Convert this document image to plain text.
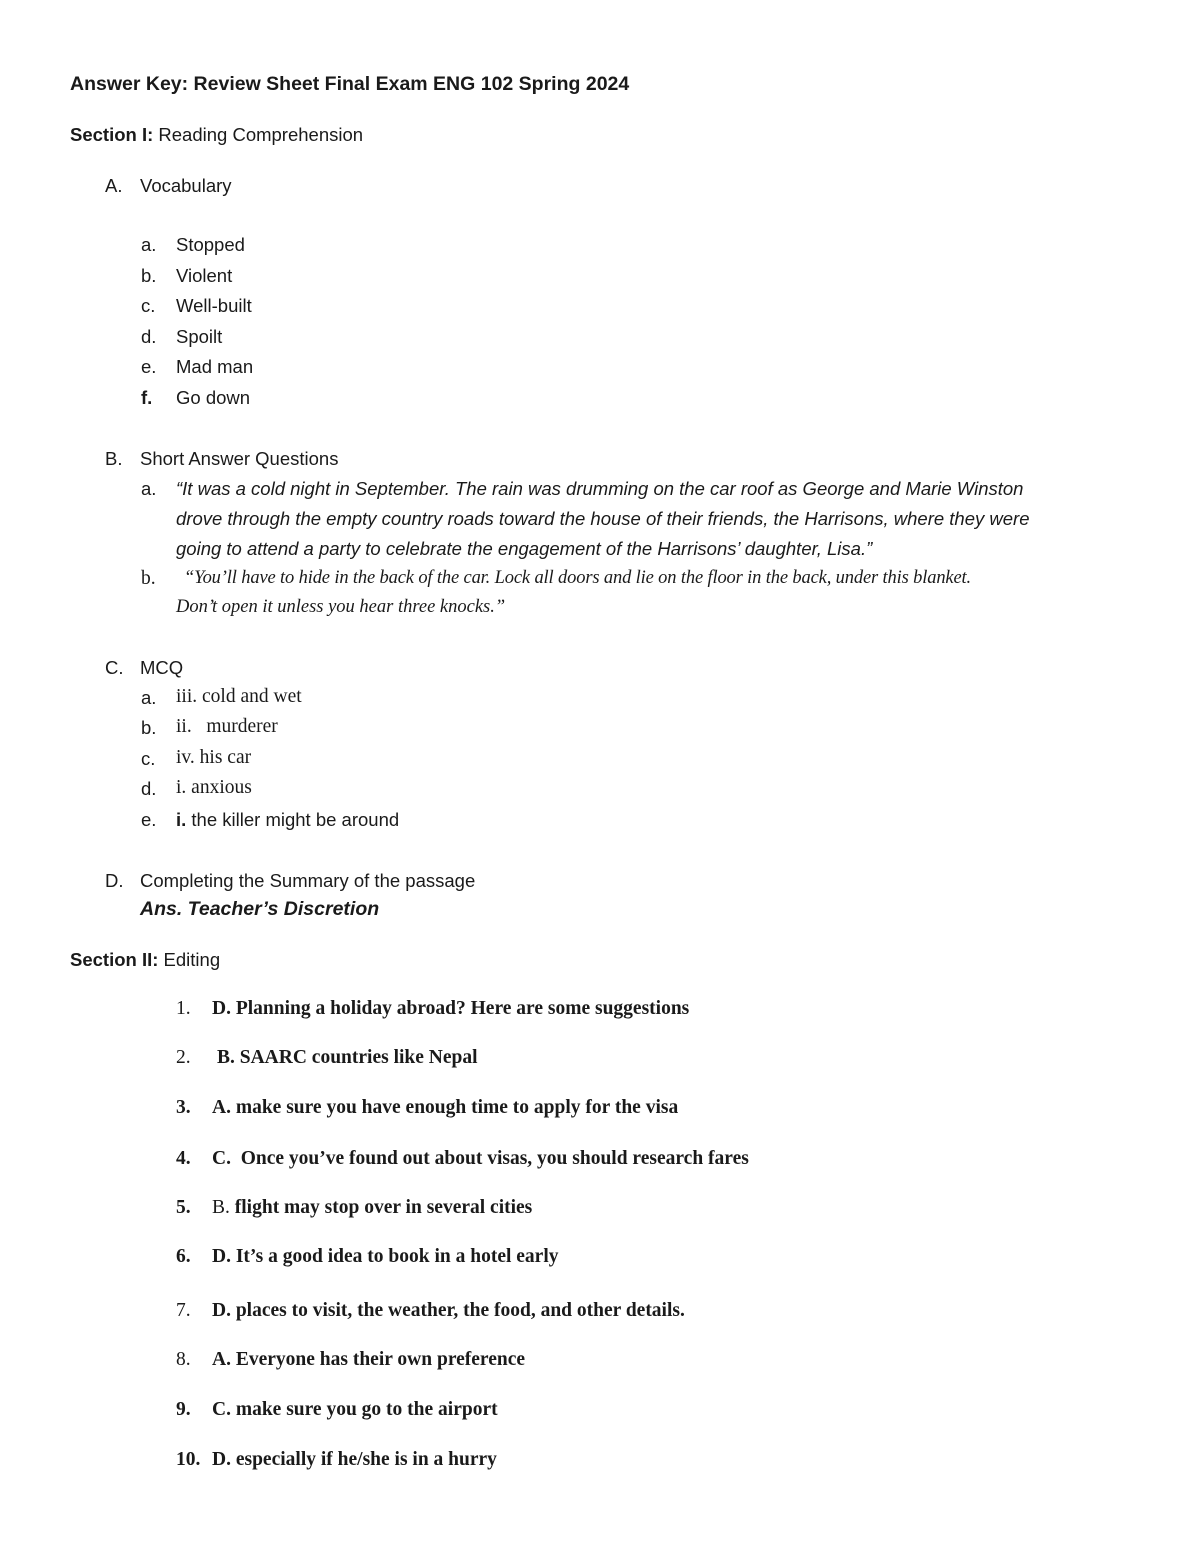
Answer Key: Review Sheet Final Exam ENG 102 Spring 2024
Section I: Reading Comprehension
A. Vocabulary
a. Stopped
b. Violent
c. Well-built
d. Spoilt
e. Mad man
f. Go down
B. Short Answer Questions
a. “It was a cold night in September. The rain was drumming on the car roof as George and Marie Winston
drove through the empty country roads toward the house of their friends, the Harrisons, where they were
going to attend a party to celebrate the engagement of the Harrisons’ daughter, Lisa.”
b. “You’ll have to hide in the back of the car. Lock all doors and lie on the floor in the back, under this blanket.
Don’t open it unless you hear three knocks.”
C. MCQ
a. iii. cold and wet
b. ii.   murderer
c. iv. his car
d. i. anxious
e. i. the killer might be around
D. Completing the Summary of the passage
Ans. Teacher’s Discretion
Section II: Editing
1. D. Planning a holiday abroad? Here are some suggestions
2. B. SAARC countries like Nepal
3. A. make sure you have enough time to apply for the visa
4. C.  Once you’ve found out about visas, you should research fares
5. B. flight may stop over in several cities
6. D. It’s a good idea to book in a hotel early
7. D. places to visit, the weather, the food, and other details.
8. A. Everyone has their own preference
9. C. make sure you go to the airport
10. D. especially if he/she is in a hurry
